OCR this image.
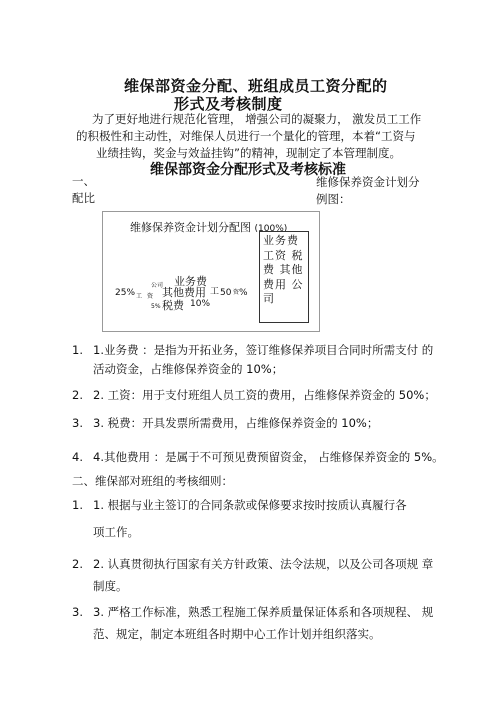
维保部资金分配、班组成员工资分配的
形式及考核制度
为了更好地进行规范化管理， 增强公司的凝聚力， 激发员工工作
的积极性和主动性，对维保人员进行一个量化的管理，本着“工资与
业绩挂钩，奖金与效益挂钩”的精神，现制定了本管理制度。
维保部资金分配形式及考核标准
一、
配比
维修保养资金计划分
例图：
维修保养资金计划分配图 (100%)
业务费 工资 税费 其他费用 公司
25% 工 资
公司 业务费
其他费用 工 50 资 %
5% 税费 10%
1. 1.业务费 ：是指为开拓业务，签订维修保养项目合同时所需支付 的
活动资金，占维修保养资金的 10%；
2. 2. 工资：用于支付班组人员工资的费用，占维修保养资金的 50%；
3. 3. 税费：开具发票所需费用，占维修保养资金的 10%；
4. 4.其他费用 ：是属于不可预见费预留资金， 占维修保养资金的 5%。
二、维保部对班组的考核细则：
1. 1. 根据与业主签订的合同条款或保修要求按时按质认真履行各
项工作。
2. 2. 认真贯彻执行国家有关方针政策、法令法规，以及公司各项规 章
制度。
3. 3. 严格工作标准，熟悉工程施工保养质量保证体系和各项规程、 规
范、规定，制定本班组各时期中心工作计划并组织落实。
